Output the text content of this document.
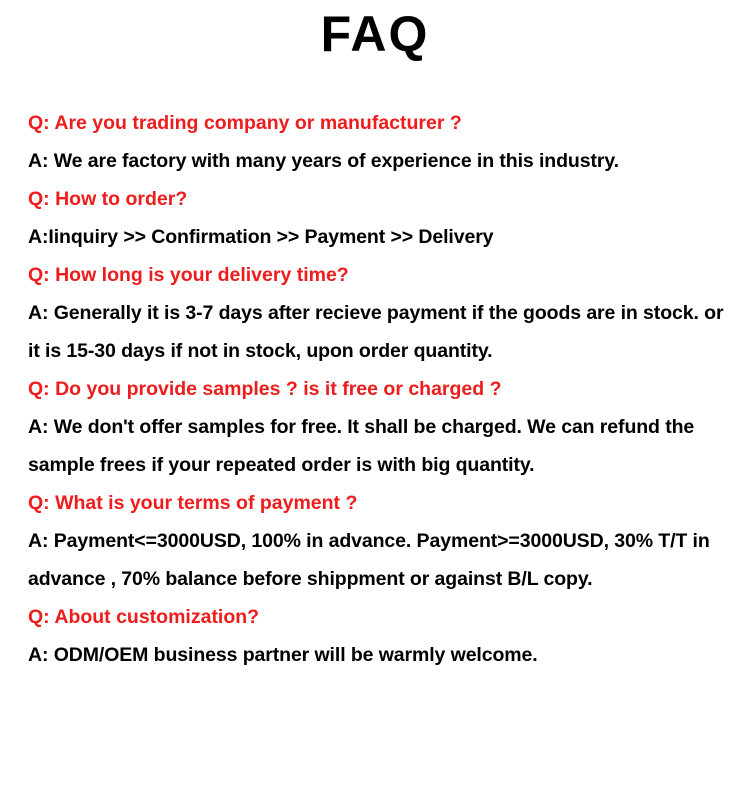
FAQ
Q: Are you trading company or manufacturer ?
A: We are factory with many years of experience in this industry.
Q: How to order?
A:Iinquiry >> Confirmation >> Payment >> Delivery
Q: How long is your delivery time?
A: Generally it is 3-7 days after recieve payment if the goods are in stock. or it is 15-30 days if not in stock, upon order quantity.
Q: Do you provide samples ? is it free or charged ?
A: We don't offer samples for free. It shall be charged. We can refund the sample frees if your repeated order is with big quantity.
Q: What is your terms of payment ?
A: Payment<=3000USD, 100% in advance. Payment>=3000USD, 30% T/T in advance , 70% balance before shippment or against B/L copy.
Q: About customization?
A: ODM/OEM business partner will be warmly welcome.
